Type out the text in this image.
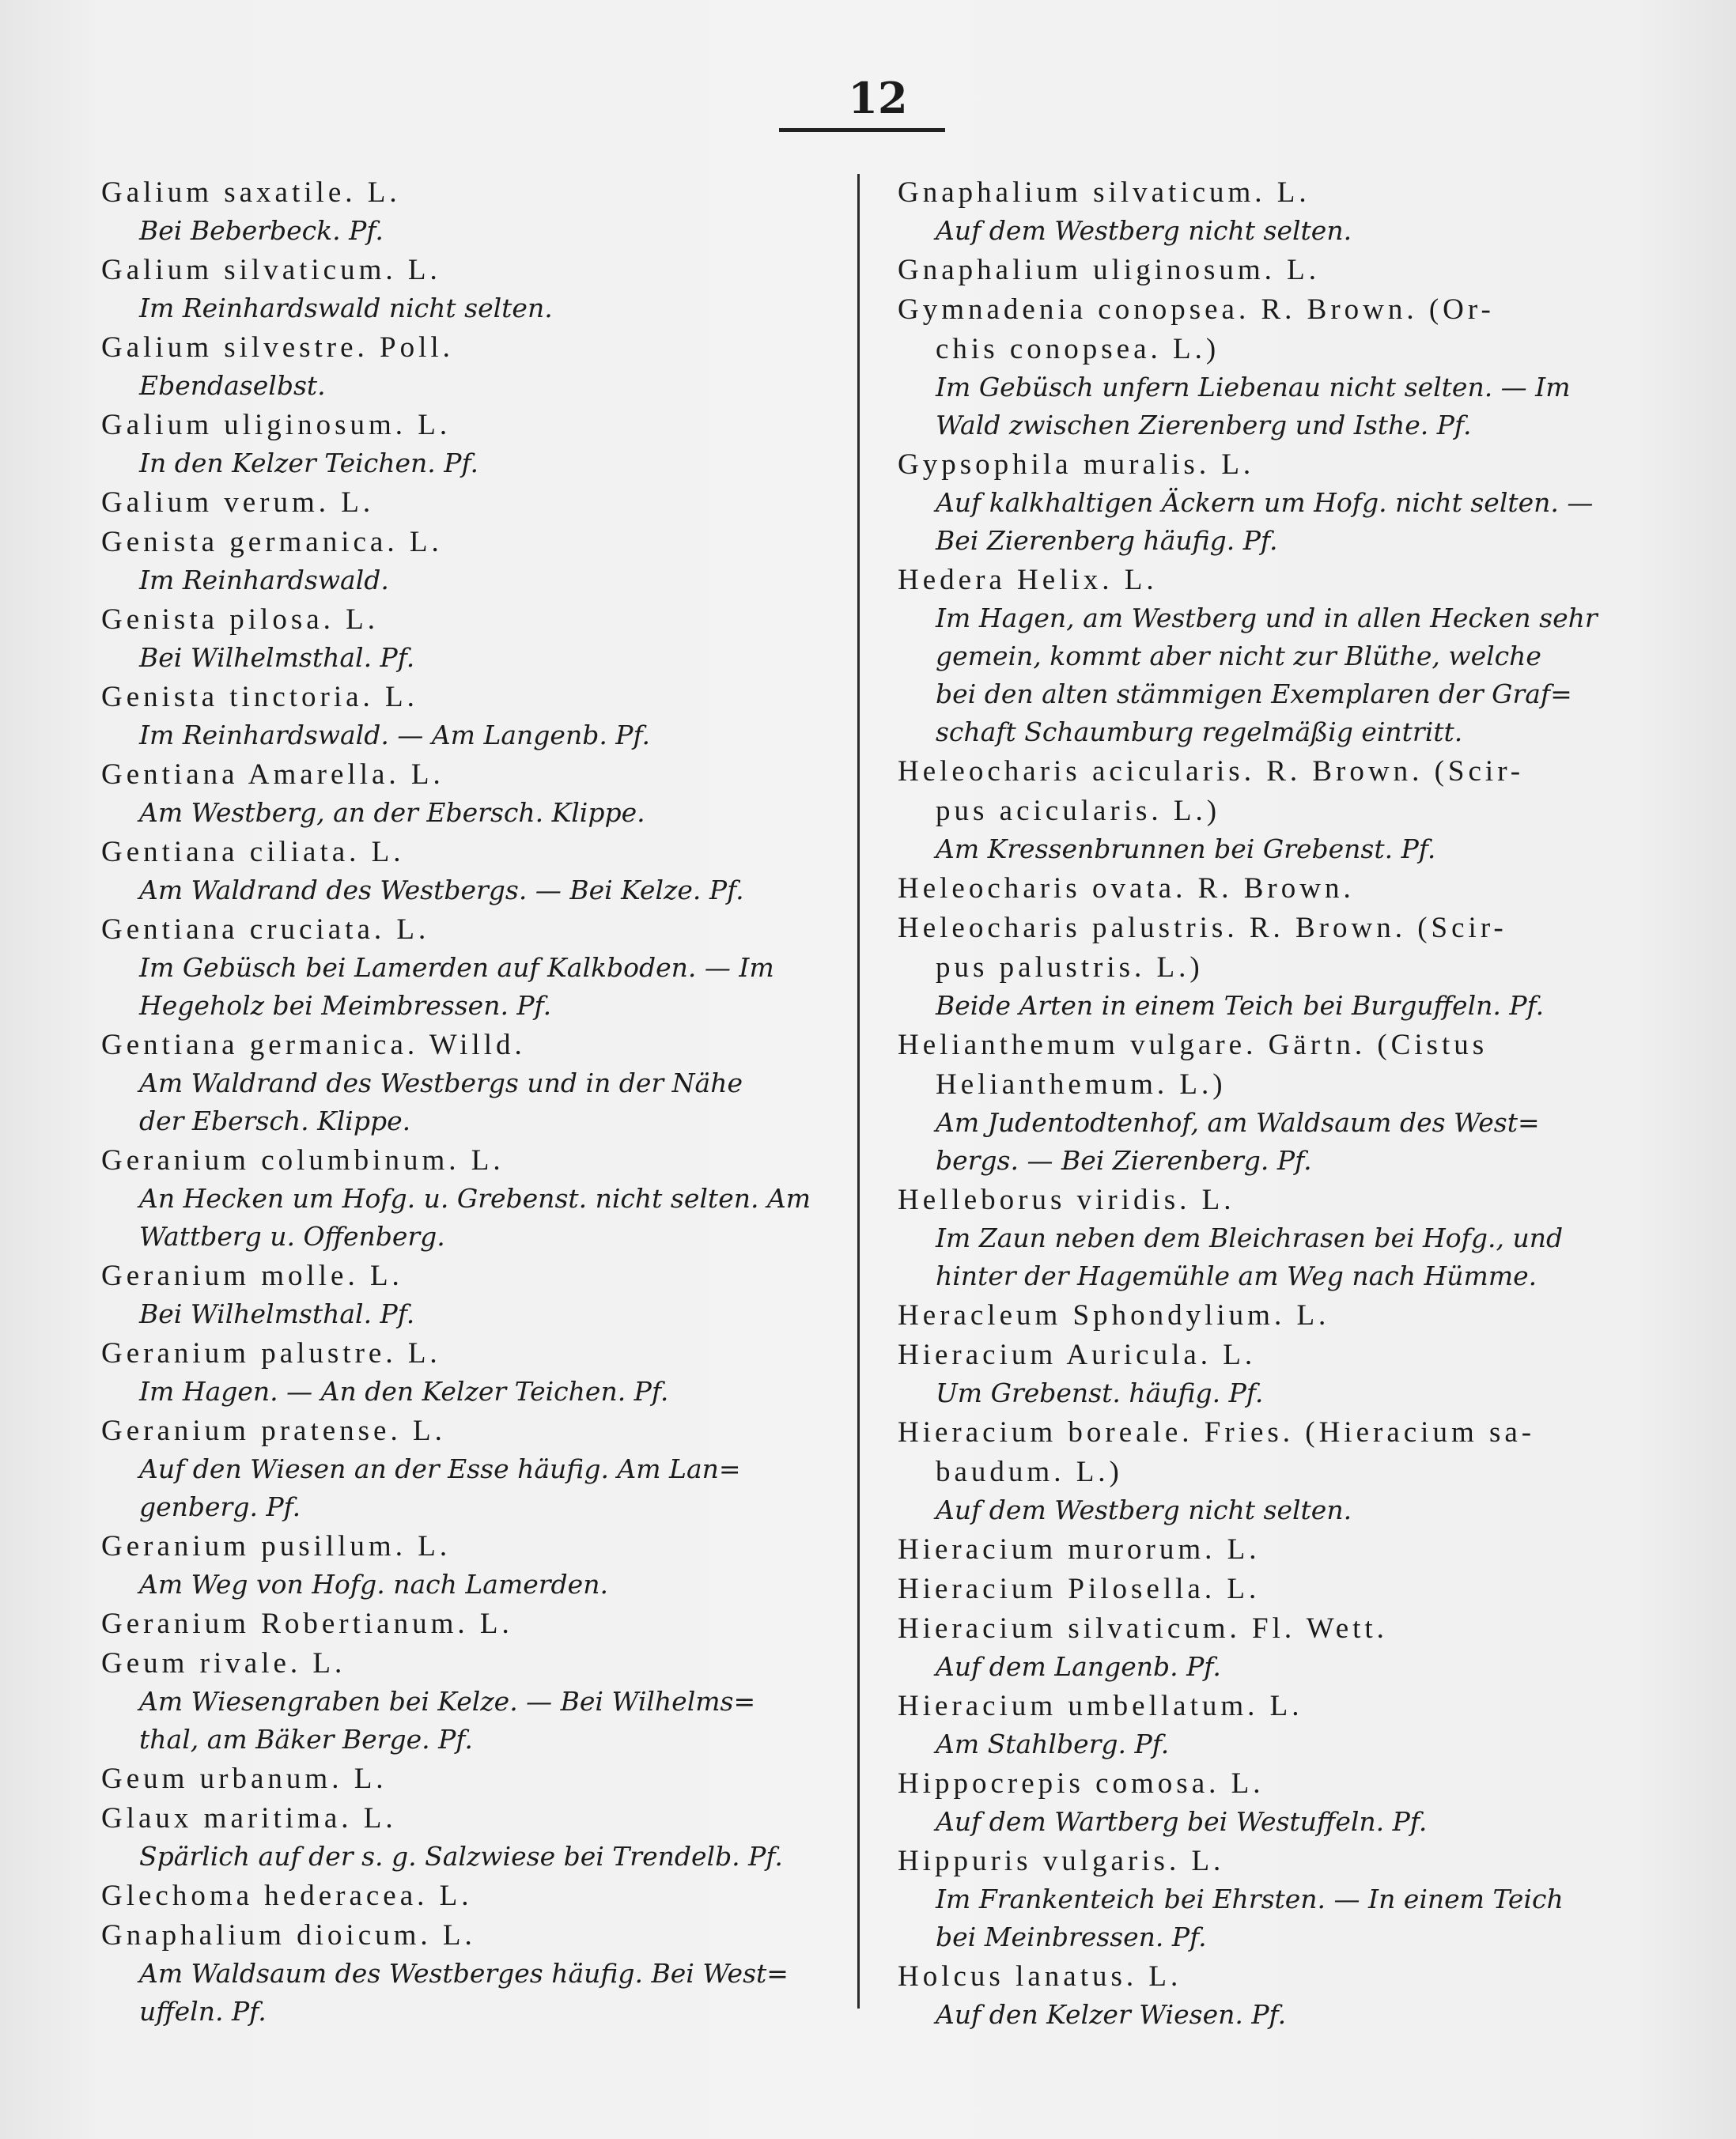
12
Galium saxatile. L.
Bei Beberbeck. Pf.
Galium silvaticum. L.
Im Reinhardswald nicht selten.
Galium silvestre. Poll.
Ebendaselbst.
Galium uliginosum. L.
In den Kelzer Teichen. Pf.
Galium verum. L.
Genista germanica. L.
Im Reinhardswald.
Genista pilosa. L.
Bei Wilhelmsthal. Pf.
Genista tinctoria. L.
Im Reinhardswald. — Am Langenb. Pf.
Gentiana Amarella. L.
Am Westberg, an der Ebersch. Klippe.
Gentiana ciliata. L.
Am Waldrand des Westbergs. — Bei Kelze. Pf.
Gentiana cruciata. L.
Im Gebüsch bei Lamerden auf Kalkboden. — Im
Hegeholz bei Meimbressen. Pf.
Gentiana germanica. Willd.
Am Waldrand des Westbergs und in der Nähe
der Ebersch. Klippe.
Geranium columbinum. L.
An Hecken um Hofg. u. Grebenst. nicht selten. Am
Wattberg u. Offenberg.
Geranium molle. L.
Bei Wilhelmsthal. Pf.
Geranium palustre. L.
Im Hagen. — An den Kelzer Teichen. Pf.
Geranium pratense. L.
Auf den Wiesen an der Esse häufig. Am Lan=
genberg. Pf.
Geranium pusillum. L.
Am Weg von Hofg. nach Lamerden.
Geranium Robertianum. L.
Geum rivale. L.
Am Wiesengraben bei Kelze. — Bei Wilhelms=
thal, am Bäker Berge. Pf.
Geum urbanum. L.
Glaux maritima. L.
Spärlich auf der s. g. Salzwiese bei Trendelb. Pf.
Glechoma hederacea. L.
Gnaphalium dioicum. L.
Am Waldsaum des Westberges häufig. Bei West=
uffeln. Pf.
Gnaphalium silvaticum. L.
Auf dem Westberg nicht selten.
Gnaphalium uliginosum. L.
Gymnadenia conopsea. R. Brown. (Or-
chis conopsea. L.)
Im Gebüsch unfern Liebenau nicht selten. — Im
Wald zwischen Zierenberg und Isthe. Pf.
Gypsophila muralis. L.
Auf kalkhaltigen Äckern um Hofg. nicht selten. —
Bei Zierenberg häufig. Pf.
Hedera Helix. L.
Im Hagen, am Westberg und in allen Hecken sehr
gemein, kommt aber nicht zur Blüthe, welche
bei den alten stämmigen Exemplaren der Graf=
schaft Schaumburg regelmäßig eintritt.
Heleocharis acicularis. R. Brown. (Scir-
pus acicularis. L.)
Am Kressenbrunnen bei Grebenst. Pf.
Heleocharis ovata. R. Brown.
Heleocharis palustris. R. Brown. (Scir-
pus palustris. L.)
Beide Arten in einem Teich bei Burguffeln. Pf.
Helianthemum vulgare. Gärtn. (Cistus
Helianthemum. L.)
Am Judentodtenhof, am Waldsaum des West=
bergs. — Bei Zierenberg. Pf.
Helleborus viridis. L.
Im Zaun neben dem Bleichrasen bei Hofg., und
hinter der Hagemühle am Weg nach Hümme.
Heracleum Sphondylium. L.
Hieracium Auricula. L.
Um Grebenst. häufig. Pf.
Hieracium boreale. Fries. (Hieracium sa-
baudum. L.)
Auf dem Westberg nicht selten.
Hieracium murorum. L.
Hieracium Pilosella. L.
Hieracium silvaticum. Fl. Wett.
Auf dem Langenb. Pf.
Hieracium umbellatum. L.
Am Stahlberg. Pf.
Hippocrepis comosa. L.
Auf dem Wartberg bei Westuffeln. Pf.
Hippuris vulgaris. L.
Im Frankenteich bei Ehrsten. — In einem Teich
bei Meinbressen. Pf.
Holcus lanatus. L.
Auf den Kelzer Wiesen. Pf.
